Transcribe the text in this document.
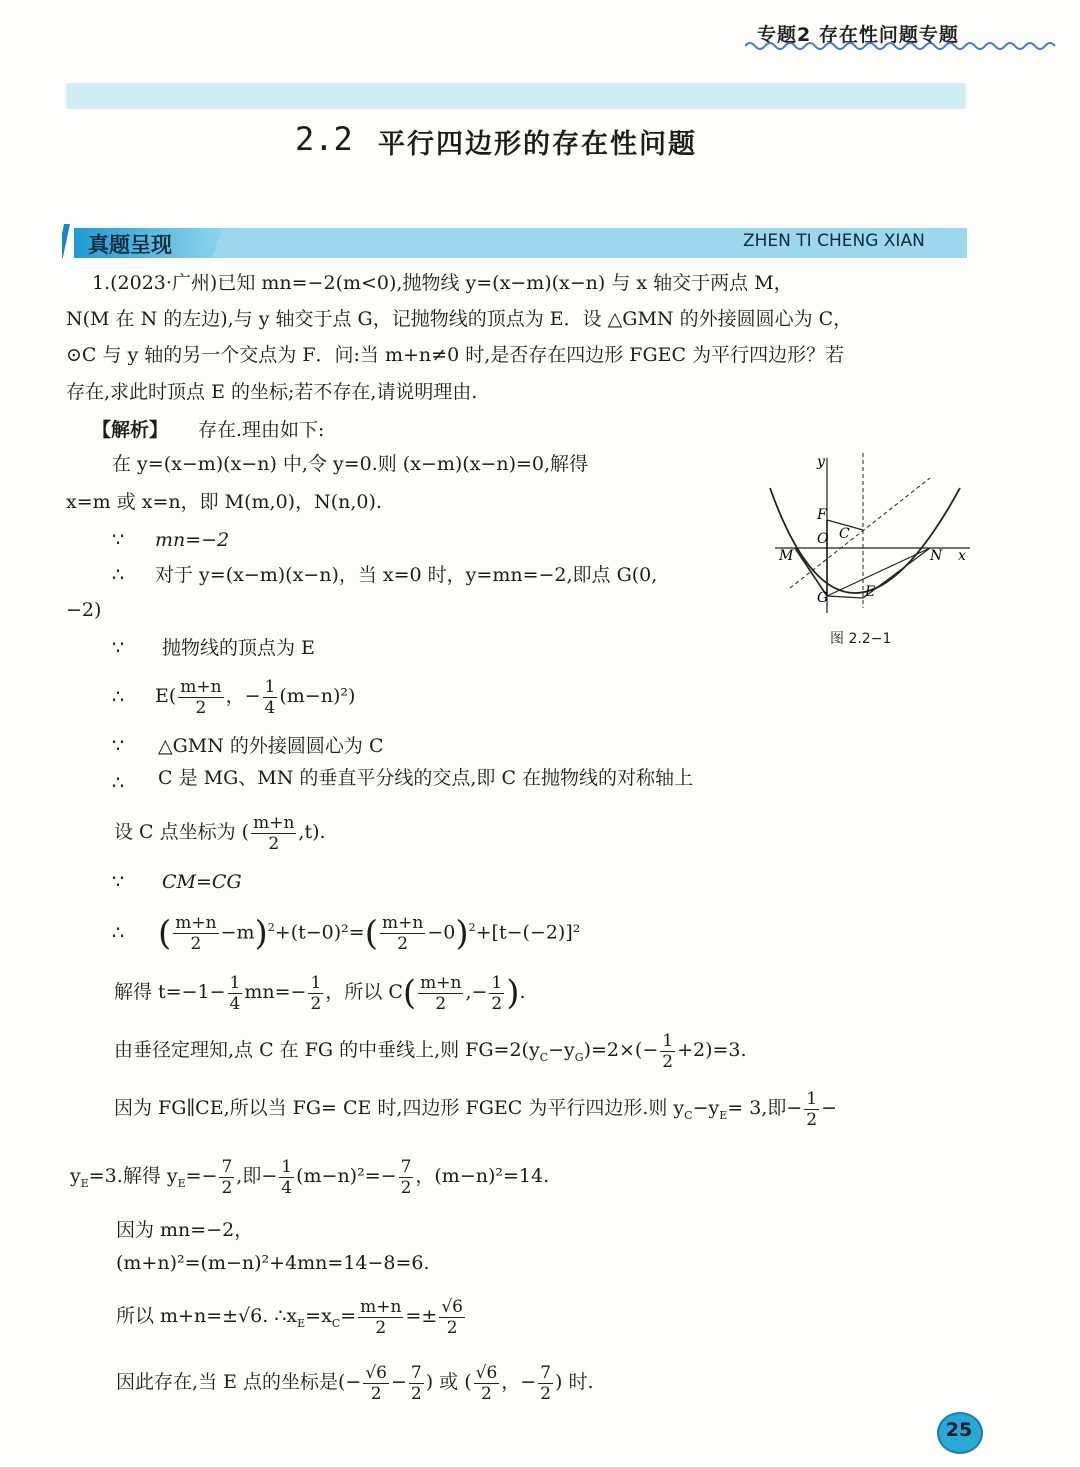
专题2 存在性问题专题
2.2 平行四边形的存在性问题
真题呈现	ZHEN TI CHENG XIAN
1.(2023·广州)已知 mn=−2(m<0),抛物线 y=(x−m)(x−n) 与 x 轴交于两点 M，
N(M 在 N 的左边),与 y 轴交于点 G，记抛物线的顶点为 E．设 △GMN 的外接圆圆心为 C，
⊙C 与 y 轴的另一个交点为 F．问:当 m+n≠0 时,是否存在四边形 FGEC 为平行四边形？若
存在,求此时顶点 E 的坐标;若不存在,请说明理由.
【解析】 存在.理由如下:
在 y=(x−m)(x−n) 中,令 y=0.则 (x−m)(x−n)=0,解得
x=m 或 x=n，即 M(m,0)，N(n,0).
∵ mn=−2
∴ 对于 y=(x−m)(x−n)，当 x=0 时，y=mn=−2,即点 G(0,
−2)
∵ 抛物线的顶点为 E
∴ $E( \frac{m+n}{2}$ ，− $\frac{1}{4} (m-n)^2$)
∵ △GMN 的外接圆圆心为 C
∴ C 是 MG、MN 的垂直平分线的交点,即 C 在抛物线的对称轴上
设 C 点坐标为 ( $\frac{m+n}{2} ,t$).
∵ CM=CG
∴ ( $\frac{m+n}{2} -m)^2+(t-0)^2=( \frac{m+n}{2} -0)^2+[t-(-2)]^2$
解得 $t=-1- \frac{1}{4} mn=- \frac{1}{2}$ ，所以 $C( \frac{m+n}{2}$ ,− $\frac{1}{2}$ ).
由垂径定理知,点 C 在 FG 的中垂线上,则 $FG=2(y_C-y_G)=2\times(- \frac{1}{2} +2)=3$.
因为 FG∥CE,所以当 FG= CE 时,四边形 FGEC 为平行四边形.则 $y_C-y_E= 3$,即− $\frac{1}{2}$ −
$y_E=3$.解得 $y_E=- \frac{7}{2}$ ,即− $\frac{1}{4} (m-n)^2=- \frac{7}{2}$ ，(m−n)²=14.
因为 mn=−2，
(m+n)²=(m−n)²+4mn=14−8=6.
所以 m+n=±√6. $\therefore x_E=x_C= \frac{m+n}{2} =\pm \frac{√6}{2}$
因此存在,当 E 点的坐标是(− $\frac{√6}{2} - \frac{7}{2}$ ) 或 ( $\frac{√6}{2}$ ，− $\frac{7}{2}$ ) 时.
y
x
F
O C
M	N
G	E
图 2.2−1
25
